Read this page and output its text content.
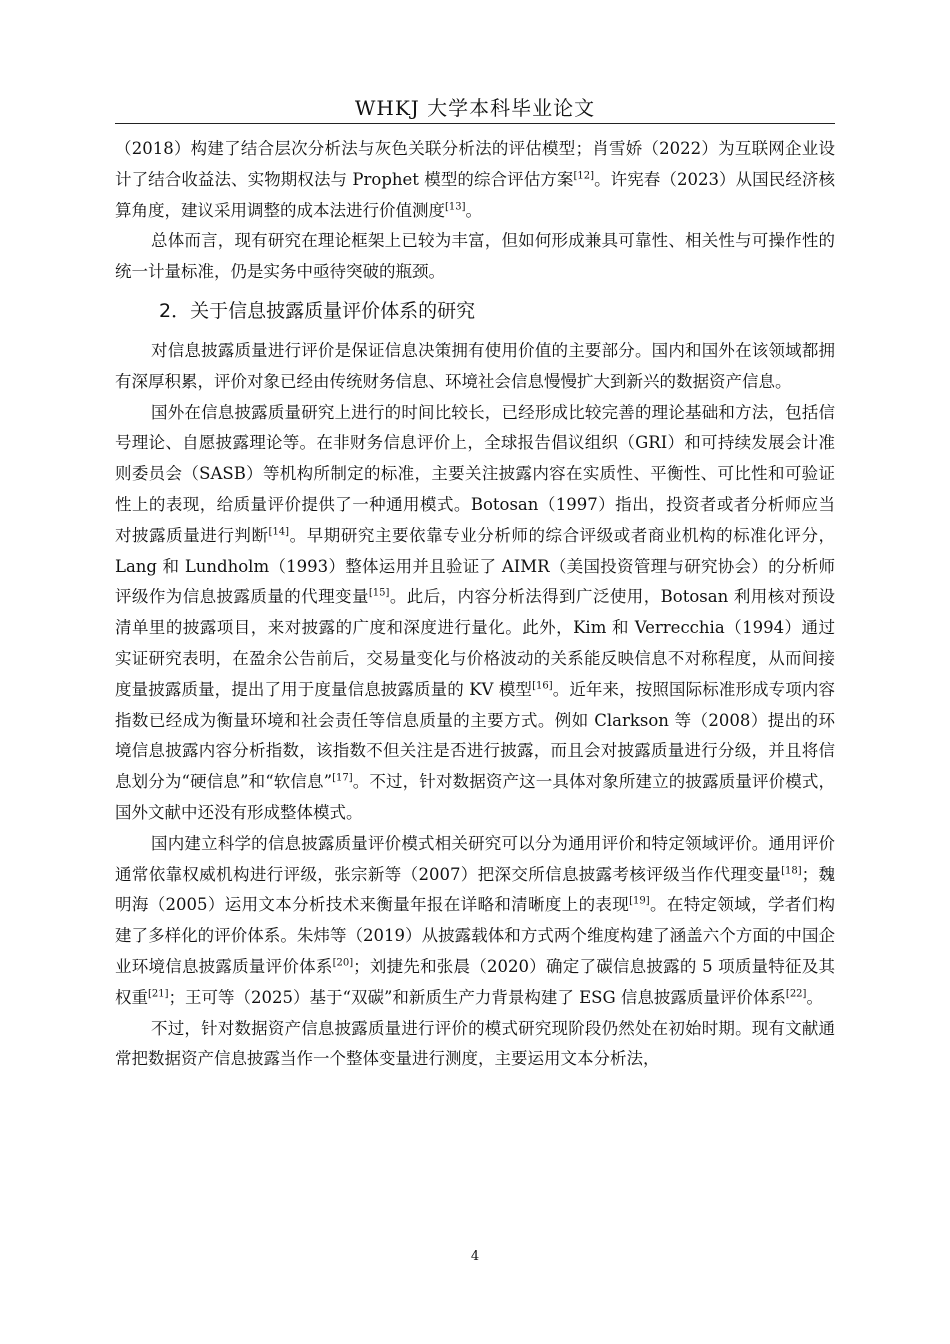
WHKJ 大学本科毕业论文

（2018）构建了结合层次分析法与灰色关联分析法的评估模型；肖雪娇（2022）为互联网企业设计了结合收益法、实物期权法与 Prophet 模型的综合评估方案[12]。许宪春（2023）从国民经济核算角度，建议采用调整的成本法进行价值测度[13]。

总体而言，现有研究在理论框架上已较为丰富，但如何形成兼具可靠性、相关性与可操作性的统一计量标准，仍是实务中亟待突破的瓶颈。

2．关于信息披露质量评价体系的研究

对信息披露质量进行评价是保证信息决策拥有使用价值的主要部分。国内和国外在该领域都拥有深厚积累，评价对象已经由传统财务信息、环境社会信息慢慢扩大到新兴的数据资产信息。

国外在信息披露质量研究上进行的时间比较长，已经形成比较完善的理论基础和方法，包括信号理论、自愿披露理论等。在非财务信息评价上，全球报告倡议组织（GRI）和可持续发展会计准则委员会（SASB）等机构所制定的标准，主要关注披露内容在实质性、平衡性、可比性和可验证性上的表现，给质量评价提供了一种通用模式。Botosan（1997）指出，投资者或者分析师应当对披露质量进行判断[14]。早期研究主要依靠专业分析师的综合评级或者商业机构的标准化评分，Lang 和 Lundholm（1993）整体运用并且验证了 AIMR（美国投资管理与研究协会）的分析师评级作为信息披露质量的代理变量[15]。此后，内容分析法得到广泛使用，Botosan 利用核对预设清单里的披露项目，来对披露的广度和深度进行量化。此外，Kim 和 Verrecchia（1994）通过实证研究表明，在盈余公告前后，交易量变化与价格波动的关系能反映信息不对称程度，从而间接度量披露质量，提出了用于度量信息披露质量的 KV 模型[16]。近年来，按照国际标准形成专项内容指数已经成为衡量环境和社会责任等信息质量的主要方式。例如 Clarkson 等（2008）提出的环境信息披露内容分析指数，该指数不但关注是否进行披露，而且会对披露质量进行分级，并且将信息划分为“硬信息”和“软信息”[17]。不过，针对数据资产这一具体对象所建立的披露质量评价模式，国外文献中还没有形成整体模式。

国内建立科学的信息披露质量评价模式相关研究可以分为通用评价和特定领域评价。通用评价通常依靠权威机构进行评级，张宗新等（2007）把深交所信息披露考核评级当作代理变量[18]；魏明海（2005）运用文本分析技术来衡量年报在详略和清晰度上的表现[19]。在特定领域，学者们构建了多样化的评价体系。朱炜等（2019）从披露载体和方式两个维度构建了涵盖六个方面的中国企业环境信息披露质量评价体系[20]；刘捷先和张晨（2020）确定了碳信息披露的 5 项质量特征及其权重[21]；王可等（2025）基于“双碳”和新质生产力背景构建了 ESG 信息披露质量评价体系[22]。

不过，针对数据资产信息披露质量进行评价的模式研究现阶段仍然处在初始时期。现有文献通常把数据资产信息披露当作一个整体变量进行测度，主要运用文本分析法，

4
